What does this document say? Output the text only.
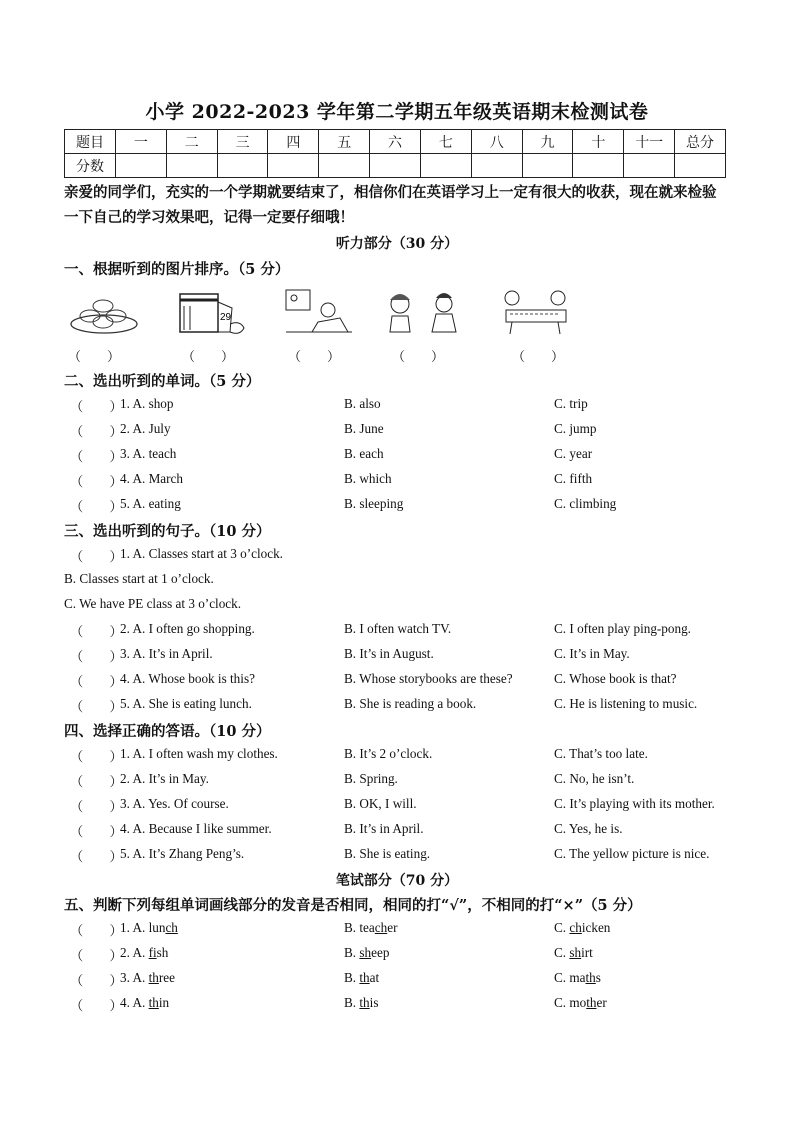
小学 2022-2023 学年第二学期五年级英语期末检测试卷
题目	一	二	三	四	五	六	七	八	九	十	十一	总分
分数												
亲爱的同学们，充实的一个学期就要结束了，相信你们在英语学习上一定有很大的收获，现在就来检验一下自己的学习效果吧，记得一定要仔细哦！
听力部分（30 分）
一、根据听到的图片排序。（5 分）
29
（　　）	（　　）	（　　）	（　　）	（　　）
二、选出听到的单词。（5 分）
（　　）
1. A. shop	B. also	C. trip
（　　）
2. A. July	B. June	C. jump
（　　）
3. A. teach	B. each	C. year
（　　）
4. A. March	B. which	C. fifth
（　　）
5. A. eating	B. sleeping	C. climbing
三、选出听到的句子。（10 分）
（　　）
1. A. Classes start at 3 o’clock.
B. Classes start at 1 o’clock.
C. We have PE class at 3 o’clock.
（　　）
2. A. I often go shopping.	B. I often watch TV.	C. I often play ping-pong.
（　　）
3. A. It’s in April.	B. It’s in August.	C. It’s in May.
（　　）
4. A. Whose book is this?	B. Whose storybooks are these?	C. Whose book is that?
（　　）
5. A. She is eating lunch.	B. She is reading a book.	C. He is listening to music.
四、选择正确的答语。（10 分）
（　　）
1. A. I often wash my clothes.	B. It’s 2 o’clock.	C. That’s too late.
（　　）
2. A. It’s in May.	B. Spring.	C. No, he isn’t.
（　　）
3. A. Yes. Of course.	B. OK, I will.	C. It’s playing with its mother.
（　　）
4. A. Because I like summer.	B. It’s in April.	C. Yes, he is.
（　　）
5. A. It’s Zhang Peng’s.	B. She is eating.	C. The yellow picture is nice.
笔试部分（70 分）
五、判断下列每组单词画线部分的发音是否相同，相同的打“√”，不相同的打“×”（5 分）
（　　）
1. A. lunch	B. teacher	C. chicken
（　　）
2. A. fish	B. sheep	C. shirt
（　　）
3. A. three	B. that	C. maths
（　　）
4. A. thin	B. this	C. mother
